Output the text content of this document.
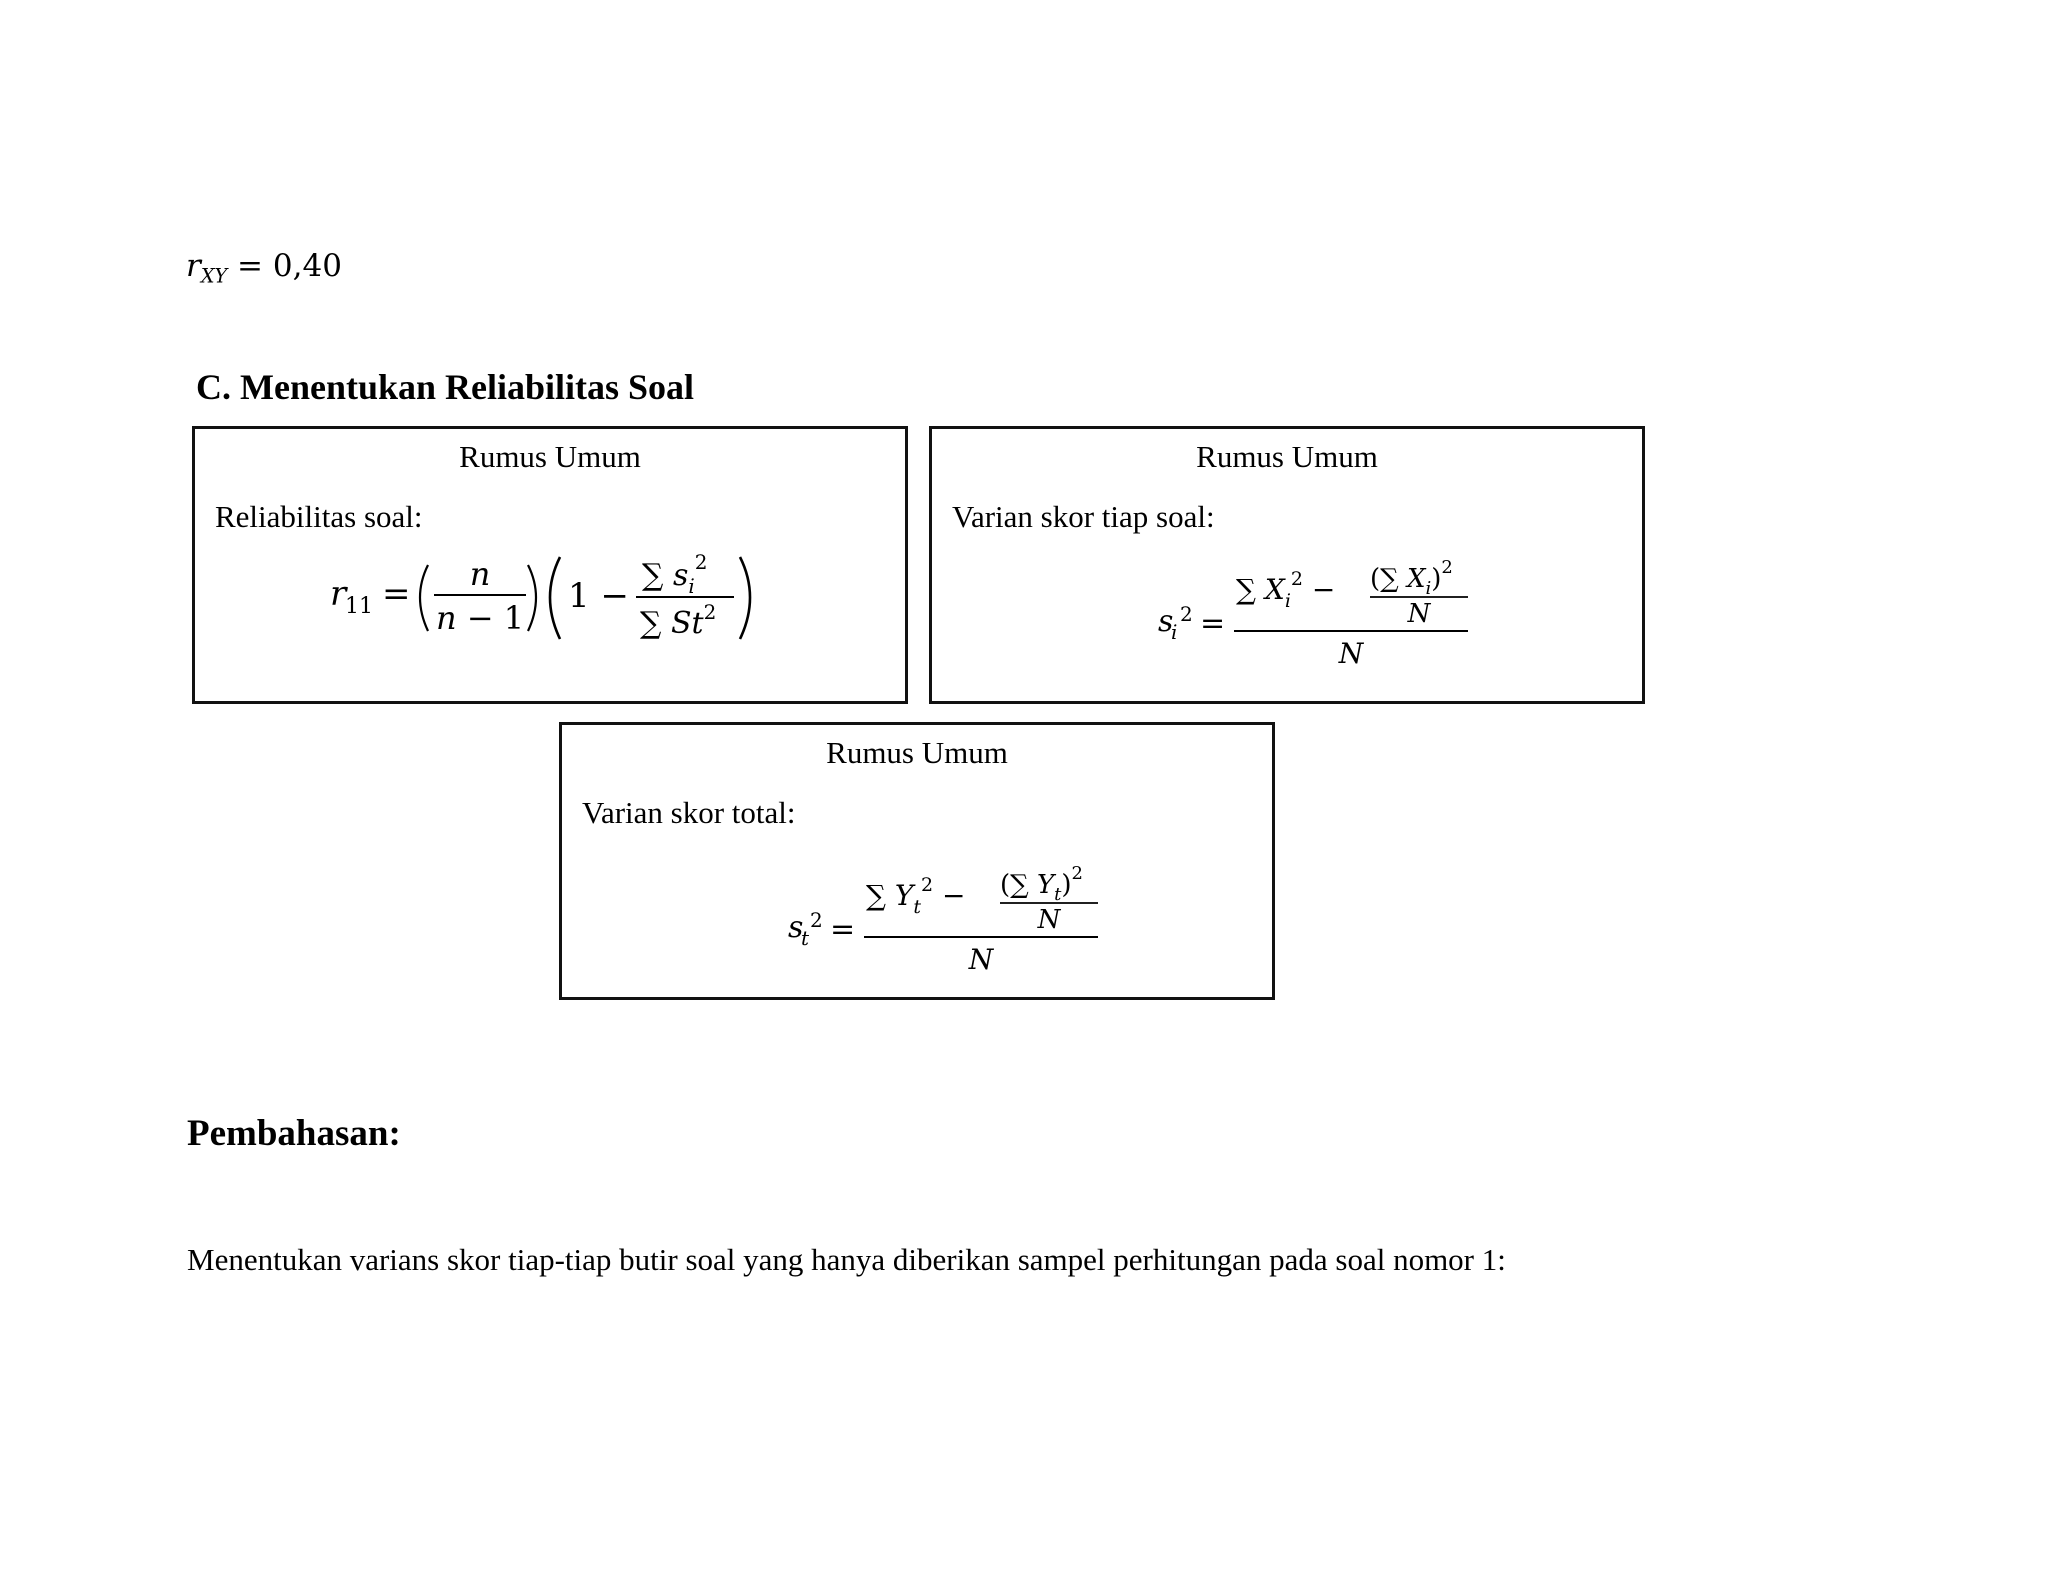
$r_{XY} = 0,40$
C. Menentukan Reliabilitas Soal
Rumus Umum
Reliabilitas soal:
r
11 = n
n − 1
1 −
∑ $s_i^2$
∑ St$^2$
Rumus Umum
Varian skor tiap soal:
s
i
2 =
∑ $X_i^2$ − (∑ $X_i)^2$
N
N
Rumus Umum
Varian skor total:
s
t
2 =
∑ $Y_t^2$ − (∑ $Y_t)^2$
N
N
Pembahasan:
Menentukan varians skor tiap-tiap butir soal yang hanya diberikan sampel perhitungan pada soal nomor 1:
